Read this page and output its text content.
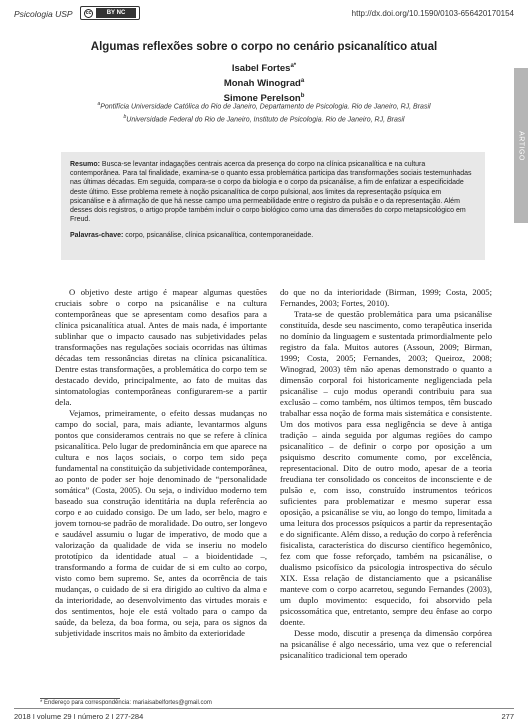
Psicologia USP	cc	BY NC	http://dx.doi.org/10.1590/0103-656420170154
ARTIGO
Algumas reflexões sobre o corpo no cenário psicanalítico atual
Isabel Fortes$^{a*}$
Monah Winograd$^a$
Simone Perelson$^b$
$^a$Pontifícia Universidade Católica do Rio de Janeiro, Departamento de Psicologia. Rio de Janeiro, RJ, Brasil
$^b$Universidade Federal do Rio de Janeiro, Instituto de Psicologia. Rio de Janeiro, RJ, Brasil

Resumo: Busca-se levantar indagações centrais acerca da presença do corpo na clínica psicanalítica e na cultura contemporânea. Para tal finalidade, examina-se o quanto essa problemática participa das transformações sociais testemunhadas nas últimas décadas. Em seguida, compara-se o corpo da biologia e o corpo da psicanálise, a fim de enfatizar a especificidade deste último. Esse problema remete à noção psicanalítica de corpo pulsional, aos limites da representação psíquica em psicanálise e à afirmação de que há nesse campo uma permeabilidade entre o registro da pulsão e o da representação. Além desses dois registros, o artigo propõe também incluir o corpo biológico como uma das dimensões do corpo metapsicológico em Freud.

Palavras-chave: corpo, psicanálise, clínica psicanalítica, contemporaneidade.

O objetivo deste artigo é mapear algumas questões cruciais sobre o corpo na psicanálise e na cultura contemporâneas que se apresentam como desafios para a clínica psicanalítica atual. Antes de mais nada, é importante sublinhar que o impacto causado nas subjetividades pelas transformações nas regulações sociais ocorridas nas últimas décadas tem ressonâncias diretas na clínica psicanalítica. Dentre estas transformações, a problemática do corpo tem se destacado devido, principalmente, ao fato de muitas das sintomatologias contemporâneas configurarem-se a partir dela.

Vejamos, primeiramente, o efeito dessas mudanças no campo do social, para, mais adiante, levantarmos alguns pontos que consideramos centrais no que se refere à clínica psicanalítica. Pelo lugar de predominância em que aparece na cultura e nos laços sociais, o corpo tem sido peça fundamental na constituição da subjetividade contemporânea, ao ponto de poder ser hoje denominado de “personalidade somática” (Costa, 2005). Ou seja, o indivíduo moderno tem baseado sua construção identitária na dupla referência ao corpo e ao cuidado consigo. De um lado, ser belo, magro e jovem tornou-se padrão de moralidade. Do outro, ser longevo e saudável assumiu o lugar de imperativo, de modo que a valorização da qualidade de vida se inseriu no modelo prototípico da identidade atual – a bioidentidade –, transformando a forma de cuidar de si em culto ao corpo, visto como bem supremo. Se, antes da ocorrência de tais mudanças, o cuidado de si era dirigido ao cultivo da alma e da interioridade, ao desenvolvimento das virtudes morais e dos sentimentos, hoje ele está voltado para o campo da saúde, da beleza, da boa forma, ou seja, para os signos da subjetividade inscritos mais no âmbito da exterioridade

do que no da interioridade (Birman, 1999; Costa, 2005; Fernandes, 2003; Fortes, 2010).

Trata-se de questão problemática para uma psicanálise constituída, desde seu nascimento, como terapêutica inserida no domínio da linguagem e sustentada primordialmente pelo registro da fala. Muitos autores (Assoun, 2009; Birman, 1999; Costa, 2005; Fernandes, 2003; Queiroz, 2008; Winograd, 2003) têm não apenas demonstrado o quanto a dimensão corporal foi historicamente negligenciada pela psicanálise – cujo modus operandi contribuiu para sua exclusão – como também, nos últimos tempos, têm buscado trabalhar essa noção de forma mais sistemática e consistente. Um dos motivos para essa negligência se deve à antiga tradição – ainda seguida por algumas regiões do campo psicanalítico – de definir o corpo por oposição a um psiquismo descrito comumente como, por excelência, representacional. Dito de outro modo, apesar de a teoria freudiana ter consolidado os conceitos de inconsciente e de pulsão e, com isso, construído instrumentos teóricos suficientes para problematizar e mesmo superar essa oposição, a psicanálise se viu, ao longo do tempo, limitada a uma leitura dos processos psíquicos a partir da representação e do significante. Além disso, a redução do corpo à referência fisicalista, característica do discurso científico hegemônico, fez com que fosse reforçado, também na psicanálise, o dualismo psicofísico da psicologia introspectiva do século XIX. Essa relação de distanciamento que a psicanálise manteve com o corpo acarretou, segundo Fernandes (2003), um duplo movimento: esquecido, foi absorvido pela psicossomática que, entretanto, sempre deu ênfase ao corpo doente.

Desse modo, discutir a presença da dimensão corpórea na psicanálise é algo necessário, uma vez que o referencial psicanalítico tradicional tem operado

* Endereço para correspondência: mariaisabelfortes@gmail.com
2018 I volume 29 I número 2 I 277-284	277
